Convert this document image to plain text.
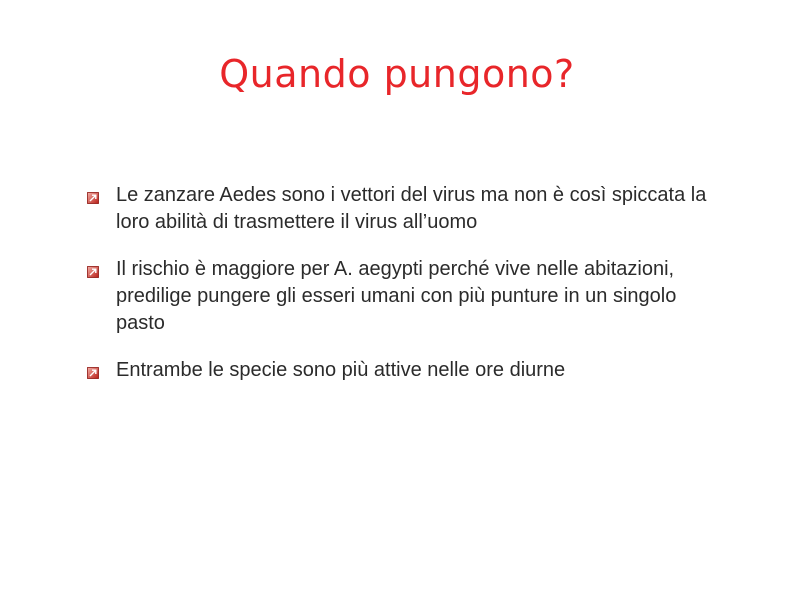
Quando pungono?
Le zanzare Aedes sono i vettori del virus ma non è così spiccata la loro abilità di trasmettere il virus all’uomo
Il rischio è maggiore per A. aegypti perché vive nelle abitazioni, predilige pungere gli esseri umani con più punture in un singolo pasto
Entrambe le specie sono più attive nelle ore diurne
